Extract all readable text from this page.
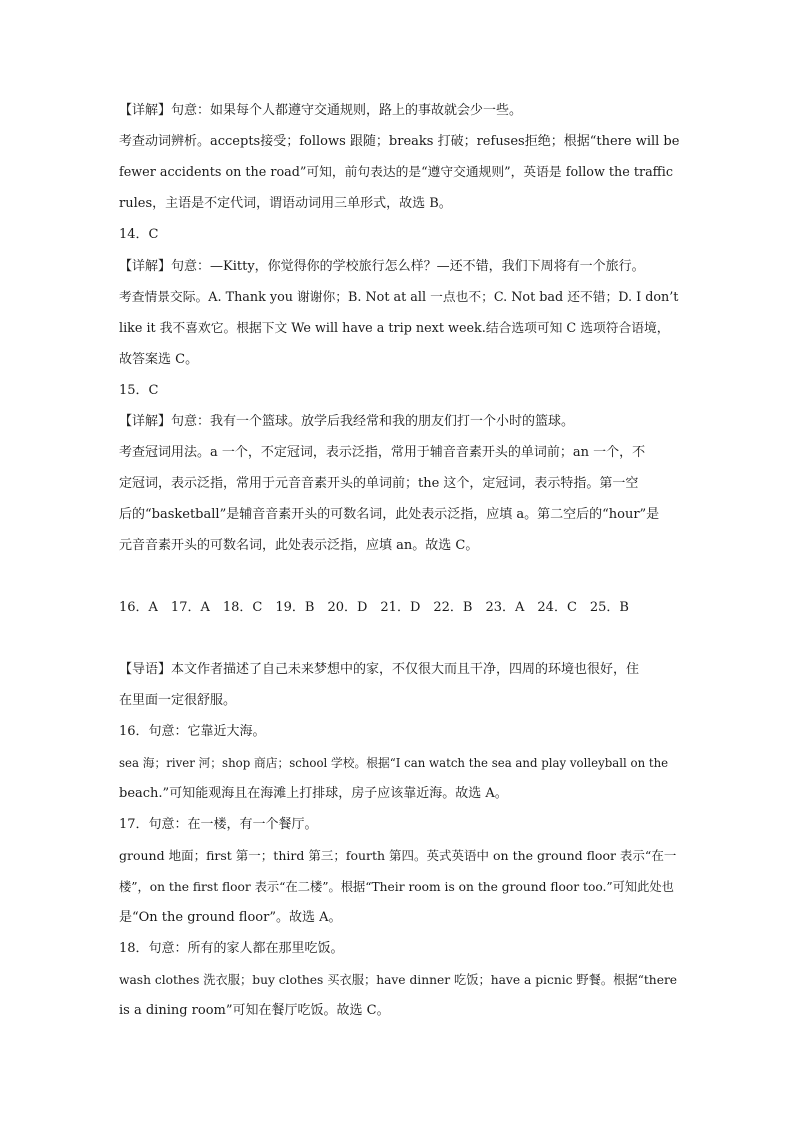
【详解】句意：如果每个人都遵守交通规则，路上的事故就会少一些。
考查动词辨析。accepts接受；follows 跟随；breaks 打破；refuses拒绝；根据“there will be
fewer accidents on the road”可知，前句表达的是“遵守交通规则”，英语是 follow the traffic
rules，主语是不定代词，谓语动词用三单形式，故选 B。
14．C
【详解】句意：—Kitty，你觉得你的学校旅行怎么样？—还不错，我们下周将有一个旅行。
考查情景交际。A. Thank you 谢谢你；B. Not at all 一点也不；C. Not bad 还不错；D. I don’t
like it 我不喜欢它。根据下文 We will have a trip next week.结合选项可知 C 选项符合语境，
故答案选 C。
15．C
【详解】句意：我有一个篮球。放学后我经常和我的朋友们打一个小时的篮球。
考查冠词用法。a 一个，不定冠词，表示泛指，常用于辅音音素开头的单词前；an 一个，不
定冠词，表示泛指，常用于元音音素开头的单词前；the 这个，定冠词，表示特指。第一空
后的“basketball”是辅音音素开头的可数名词，此处表示泛指，应填 a。第二空后的“hour”是
元音音素开头的可数名词，此处表示泛指，应填 an。故选 C。
16．A　17．A　18．C　19．B　20．D　21．D　22．B　23．A　24．C　25．B
【导语】本文作者描述了自己未来梦想中的家，不仅很大而且干净，四周的环境也很好，住
在里面一定很舒服。
16．句意：它靠近大海。
sea 海；river 河；shop 商店；school 学校。根据“I can watch the sea and play volleyball on the
beach.”可知能观海且在海滩上打排球，房子应该靠近海。故选 A。
17．句意：在一楼，有一个餐厅。
ground 地面；first 第一；third 第三；fourth 第四。英式英语中 on the ground floor 表示“在一
楼”，on the first floor 表示“在二楼”。根据“Their room is on the ground floor too.”可知此处也
是“On the ground floor”。故选 A。
18．句意：所有的家人都在那里吃饭。
wash clothes 洗衣服；buy clothes 买衣服；have dinner 吃饭；have a picnic 野餐。根据“there
is a dining room”可知在餐厅吃饭。故选 C。
